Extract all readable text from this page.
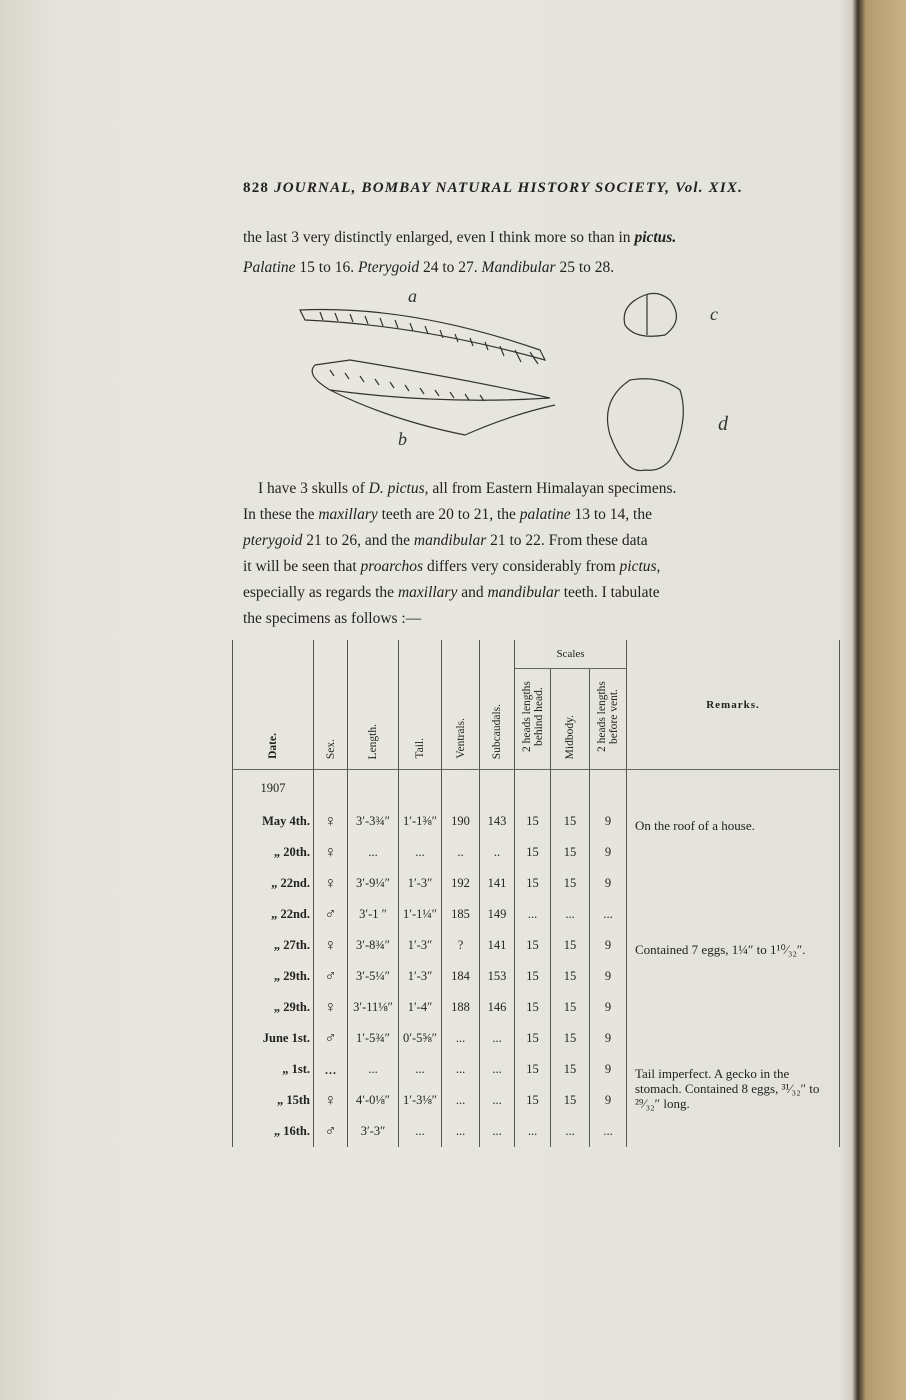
828 JOURNAL, BOMBAY NATURAL HISTORY SOCIETY, Vol. XIX.
the last 3 very distinctly enlarged, even I think more so than in pictus.
Palatine 15 to 16. Pterygoid 24 to 27. Mandibular 25 to 28.
a
b
c
d
I have 3 skulls of D. pictus, all from Eastern Himalayan specimens.
In these the maxillary teeth are 20 to 21, the palatine 13 to 14, the
pterygoid 21 to 26, and the mandibular 21 to 22. From these data
it will be seen that proarchos differs very considerably from pictus,
especially as regards the maxillary and mandibular teeth. I tabulate
the specimens as follows :—
Date.	Sex.	Length.	Tail.	Ventrals.	Subcaudals.	Scales			Remarks.
						2 heads lengths behind head.	Midbody.	2 heads lengths before vent.	
1907									
May 4th.	♀	3′-3¾″	1′-1⅜″	190	143	15	15	9	On the roof of a house.
„ 20th.	♀	...	...	..	..	15	15	9	
„ 22nd.	♀	3′-9¼″	1′-3″	192	141	15	15	9	
„ 22nd.	♂	3′-1 ″	1′-1¼″	185	149	...	...	...	
„ 27th.	♀	3′-8¾″	1′-3″	?	141	15	15	9	Contained 7 eggs, 1¼″ to 1¹⁰⁄₃₂″.
„ 29th.	♂	3′-5¼″	1′-3″	184	153	15	15	9	
„ 29th.	♀	3′-11⅛″	1′-4″	188	146	15	15	9	
June 1st.	♂	1′-5¾″	0′-5⅝″	...	...	15	15	9	
„ 1st.	...	...	...	...	...	15	15	9	Tail imperfect. A gecko in the stomach. Contained 8 eggs, ³¹⁄₃₂″ to ²⁹⁄₃₂″ long.
„ 15th	♀	4′-0⅛″	1′-3⅛″	...	...	15	15	9	
„ 16th.	♂	3′-3″	...	...	...	...	...	...	
